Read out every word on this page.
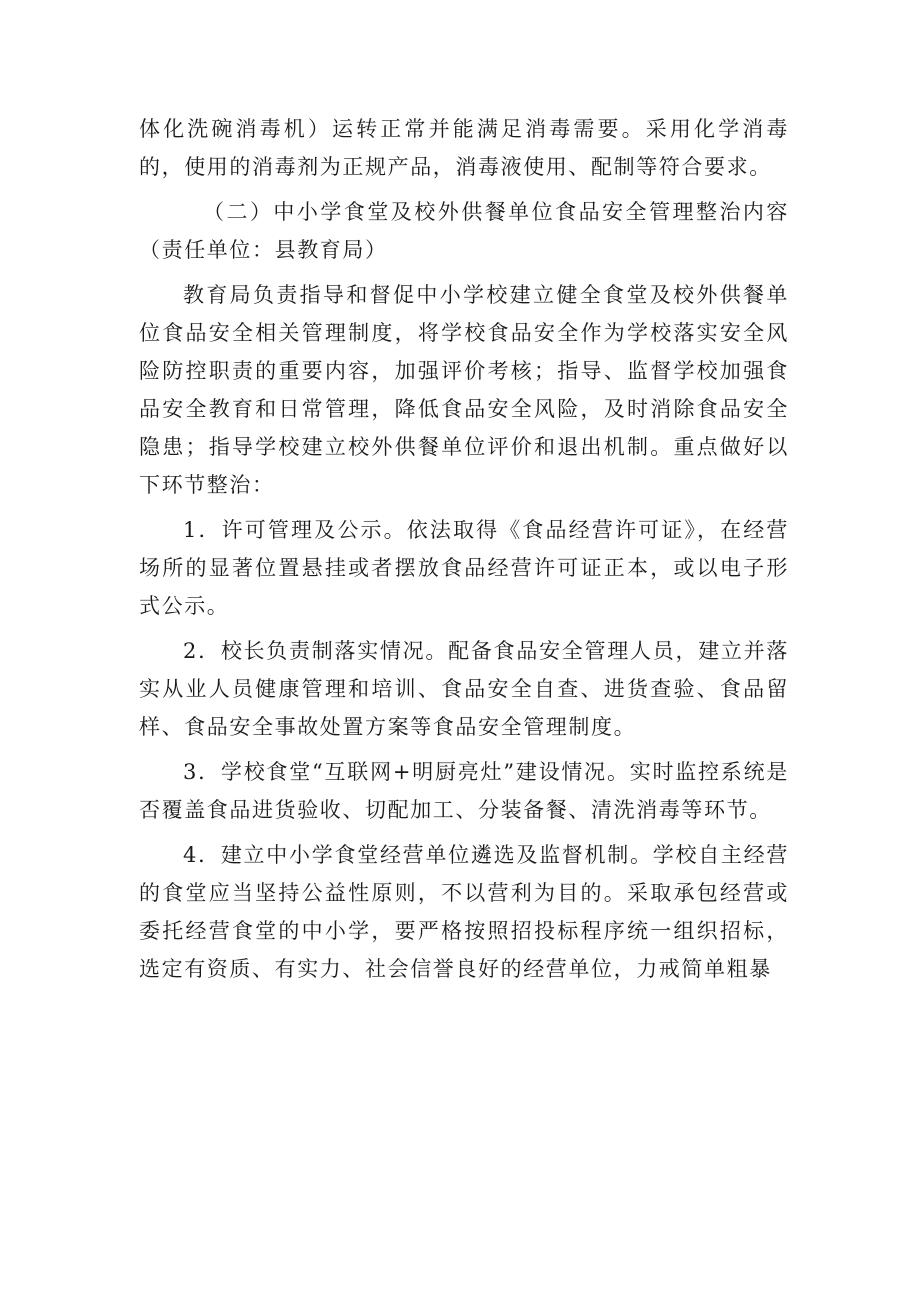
体化洗碗消毒机）运转正常并能满足消毒需要。采用化学消毒的，使用的消毒剂为正规产品，消毒液使用、配制等符合要求。

（二）中小学食堂及校外供餐单位食品安全管理整治内容（责任单位：县教育局）

教育局负责指导和督促中小学校建立健全食堂及校外供餐单位食品安全相关管理制度，将学校食品安全作为学校落实安全风险防控职责的重要内容，加强评价考核；指导、监督学校加强食品安全教育和日常管理，降低食品安全风险，及时消除食品安全隐患；指导学校建立校外供餐单位评价和退出机制。重点做好以下环节整治：

1．许可管理及公示。依法取得《食品经营许可证》，在经营场所的显著位置悬挂或者摆放食品经营许可证正本，或以电子形式公示。

2．校长负责制落实情况。配备食品安全管理人员，建立并落实从业人员健康管理和培训、食品安全自查、进货查验、食品留样、食品安全事故处置方案等食品安全管理制度。

3．学校食堂“互联网+明厨亮灶”建设情况。实时监控系统是否覆盖食品进货验收、切配加工、分装备餐、清洗消毒等环节。

4．建立中小学食堂经营单位遴选及监督机制。学校自主经营的食堂应当坚持公益性原则，不以营利为目的。采取承包经营或委托经营食堂的中小学，要严格按照招投标程序统一组织招标，选定有资质、有实力、社会信誉良好的经营单位，力戒简单粗暴
